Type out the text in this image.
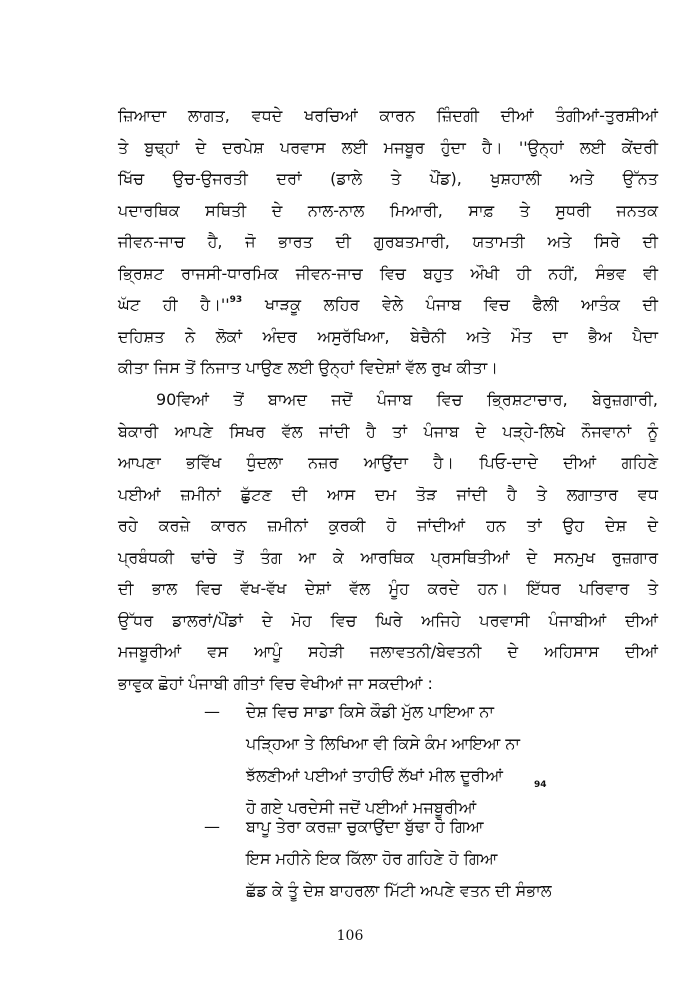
ਜ਼ਿਆਦਾ ਲਾਗਤ, ਵਧਦੇ ਖਰਚਿਆਂ ਕਾਰਨ ਜ਼ਿੰਦਗੀ ਦੀਆਂ ਤੰਗੀਆਂ-ਤੁਰਸ਼ੀਆਂ
ਤੇ ਬੁਢ੍ਹਾਂ ਦੇ ਦਰਪੇਸ਼ ਪਰਵਾਸ ਲਈ ਮਜਬੂਰ ਹੁੰਦਾ ਹੈ। ''ਉਨ੍ਹਾਂ ਲਈ ਕੇਂਦਰੀ
ਖਿੱਚ ਉਚ-ਉਜਰਤੀ ਦਰਾਂ (ਡਾਲੇ ਤੇ ਪੌਂਡ), ਖੁਸ਼ਹਾਲੀ ਅਤੇ ਉੱਨਤ
ਪਦਾਰਥਿਕ ਸਥਿਤੀ ਦੇ ਨਾਲ-ਨਾਲ ਮਿਆਰੀ, ਸਾਫ਼ ਤੇ ਸੁਧਰੀ ਜਨਤਕ
ਜੀਵਨ-ਜਾਚ ਹੈ, ਜੋ ਭਾਰਤ ਦੀ ਗੁਰਬਤਮਾਰੀ, ਯਤਾਮਤੀ ਅਤੇ ਸਿਰੇ ਦੀ
ਭ੍ਰਿਸ਼ਟ ਰਾਜਸੀ-ਧਾਰਮਿਕ ਜੀਵਨ-ਜਾਚ ਵਿਚ ਬਹੁਤ ਔਖੀ ਹੀ ਨਹੀਂ, ਸੰਭਵ ਵੀ
ਘੱਟ ਹੀ $ਹੈ।''^{93}$ ਖਾੜਕੂ ਲਹਿਰ ਵੇਲੇ ਪੰਜਾਬ ਵਿਚ ਫੈਲੀ ਆਤੰਕ ਦੀ
ਦਹਿਸ਼ਤ ਨੇ ਲੋਕਾਂ ਅੰਦਰ ਅਸੁਰੱਖਿਆ, ਬੇਚੈਨੀ ਅਤੇ ਮੌਤ ਦਾ ਭੈਅ ਪੈਦਾ
ਕੀਤਾ ਜਿਸ ਤੋਂ ਨਿਜਾਤ ਪਾਉਣ ਲਈ ਉਨ੍ਹਾਂ ਵਿਦੇਸ਼ਾਂ ਵੱਲ ਰੁਖ ਕੀਤਾ।
90ਵਿਆਂ ਤੋਂ ਬਾਅਦ ਜਦੋਂ ਪੰਜਾਬ ਵਿਚ ਭ੍ਰਿਸ਼ਟਾਚਾਰ, ਬੇਰੁਜ਼ਗਾਰੀ,
ਬੇਕਾਰੀ ਆਪਣੇ ਸਿਖਰ ਵੱਲ ਜਾਂਦੀ ਹੈ ਤਾਂ ਪੰਜਾਬ ਦੇ ਪੜ੍ਹੇ-ਲਿਖੇ ਨੌਜਵਾਨਾਂ ਨੂੰ
ਆਪਣਾ ਭਵਿੱਖ ਧੁੰਦਲਾ ਨਜ਼ਰ ਆਉਂਦਾ ਹੈ। ਪਿਓ-ਦਾਦੇ ਦੀਆਂ ਗਹਿਣੇ
ਪਈਆਂ ਜ਼ਮੀਨਾਂ ਛੁੱਟਣ ਦੀ ਆਸ ਦਮ ਤੋੜ ਜਾਂਦੀ ਹੈ ਤੇ ਲਗਾਤਾਰ ਵਧ
ਰਹੇ ਕਰਜ਼ੇ ਕਾਰਨ ਜ਼ਮੀਨਾਂ ਕੁਰਕੀ ਹੋ ਜਾਂਦੀਆਂ ਹਨ ਤਾਂ ਉਹ ਦੇਸ਼ ਦੇ
ਪ੍ਰਬੰਧਕੀ ਢਾਂਚੇ ਤੋਂ ਤੰਗ ਆ ਕੇ ਆਰਥਿਕ ਪ੍ਰਸਥਿਤੀਆਂ ਦੇ ਸਨਮੁਖ ਰੁਜ਼ਗਾਰ
ਦੀ ਭਾਲ ਵਿਚ ਵੱਖ-ਵੱਖ ਦੇਸ਼ਾਂ ਵੱਲ ਮੂੰਹ ਕਰਦੇ ਹਨ। ਇੱਧਰ ਪਰਿਵਾਰ ਤੇ
ਉੱਧਰ ਡਾਲਰਾਂ/ਪੌਂਡਾਂ ਦੇ ਮੋਹ ਵਿਚ ਘਿਰੇ ਅਜਿਹੇ ਪਰਵਾਸੀ ਪੰਜਾਬੀਆਂ ਦੀਆਂ
ਮਜਬੂਰੀਆਂ ਵਸ ਆਪੂੰ ਸਹੇੜੀ ਜਲਾਵਤਨੀ/ਬੇਵਤਨੀ ਦੇ ਅਹਿਸਾਸ ਦੀਆਂ
ਭਾਵੁਕ ਛੋਹਾਂ ਪੰਜਾਬੀ ਗੀਤਾਂ ਵਿਚ ਵੇਖੀਆਂ ਜਾ ਸਕਦੀਆਂ :
— ਦੇਸ਼ ਵਿਚ ਸਾਡਾ ਕਿਸੇ ਕੌਡੀ ਮੁੱਲ ਪਾਇਆ ਨਾ
ਪੜ੍ਹਿਆ ਤੇ ਲਿਖਿਆ ਵੀ ਕਿਸੇ ਕੰਮ ਆਇਆ ਨਾ
ਝੱਲਣੀਆਂ ਪਈਆਂ ਤਾਹੀਓਂ ਲੱਖਾਂ ਮੀਲ ਦੂਰੀਆਂ
ਹੋ ਗਏ ਪਰਦੇਸੀ ਜਦੋਂ ਪਈਆਂ ਮਜਬੂਰੀਆਂ
94
— ਬਾਪੂ ਤੇਰਾ ਕਰਜ਼ਾ ਚੁਕਾਉਂਦਾ ਬੁੱਢਾ ਹੋ ਗਿਆ
ਇਸ ਮਹੀਨੇ ਇਕ ਕਿੱਲਾ ਹੋਰ ਗਹਿਣੇ ਹੋ ਗਿਆ
ਛੱਡ ਕੇ ਤੂੰ ਦੇਸ਼ ਬਾਹਰਲਾ ਮਿੱਟੀ ਅਪਣੇ ਵਤਨ ਦੀ ਸੰਭਾਲ
106
